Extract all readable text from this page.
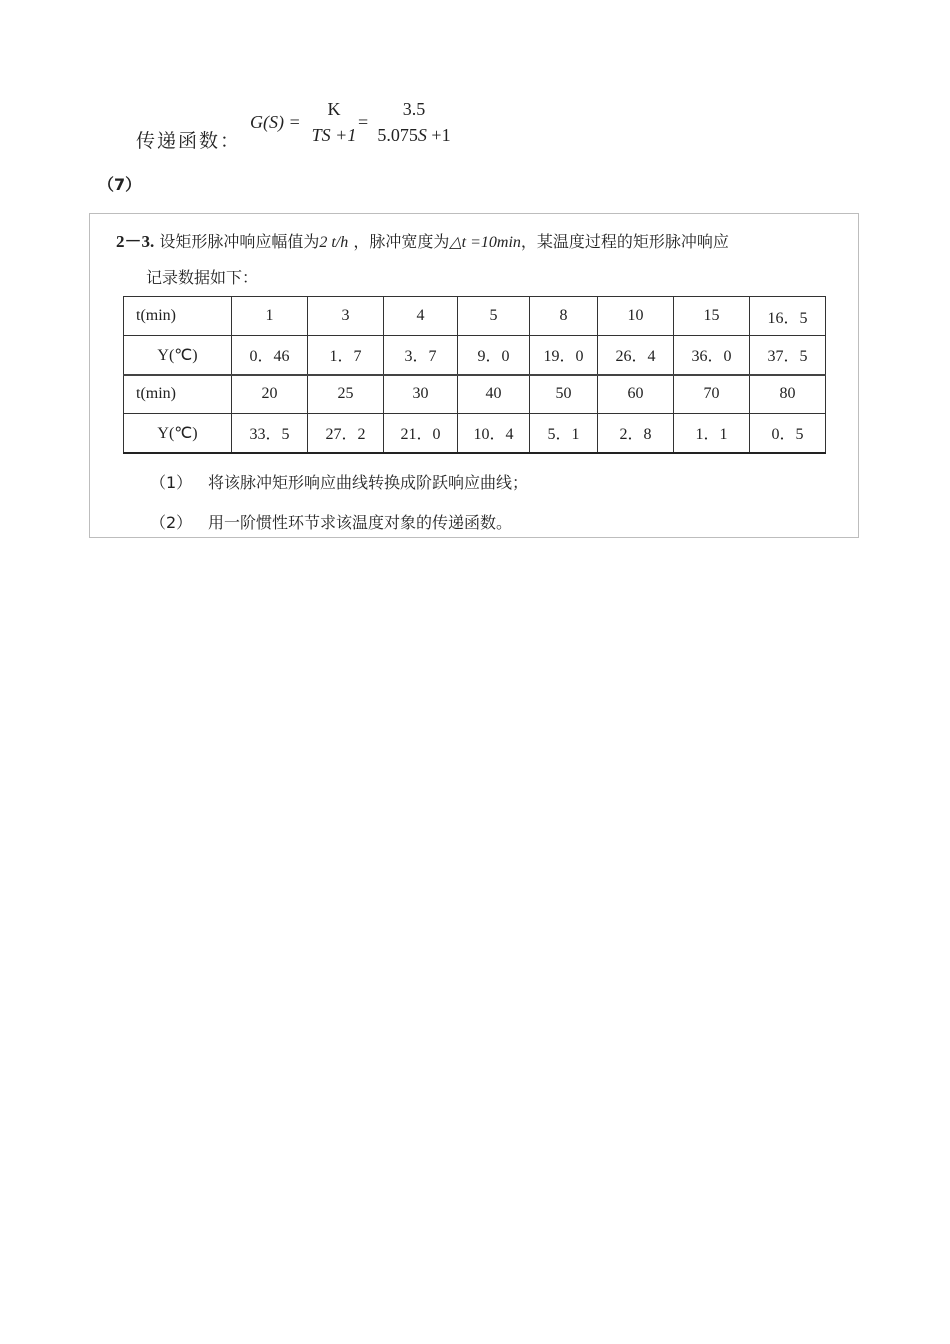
传递函数：
G(S) =
K
TS +1
=
3.5
5.075S +1
（7）
2－3. 设矩形脉冲响应幅值为2 t/h ，脉冲宽度为△t =10min，某温度过程的矩形脉冲响应
记录数据如下：
t(min)	1	3	4	5	8	10	15	16．5
Y(℃)	0．46	1．7	3．7	9．0	19．0	26．4	36．0	37．5
t(min)	20	25	30	40	50	60	70	80
Y(℃)	33．5	27．2	21．0	10．4	5．1	2．8	1．1	0．5
（1） 将该脉冲矩形响应曲线转换成阶跃响应曲线；
（2） 用一阶惯性环节求该温度对象的传递函数。
